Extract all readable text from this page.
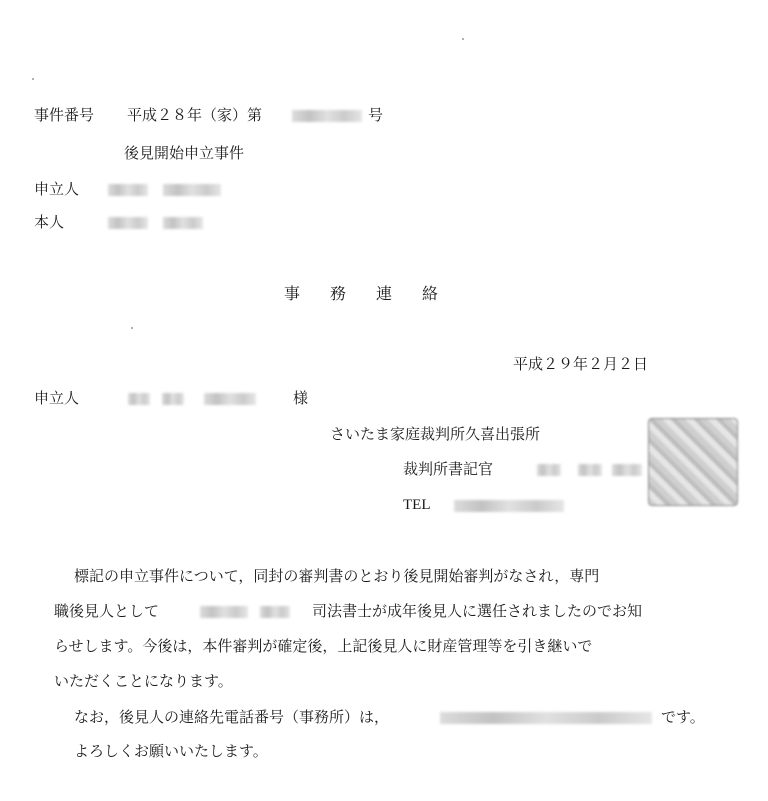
事件番号 平成２８年（家）第	号
後見開始申立事件
申立人
本人
事務連絡
平成２９年２月２日
申立人	様
さいたま家庭裁判所久喜出張所
裁判所書記官
TEL
標記の申立事件について，同封の審判書のとおり後見開始審判がなされ，専門
職後見人として	司法書士が成年後見人に選任されましたのでお知
らせします。今後は，本件審判が確定後，上記後見人に財産管理等を引き継いで
いただくことになります。
なお，後見人の連絡先電話番号（事務所）は，	です。
よろしくお願いいたします。
